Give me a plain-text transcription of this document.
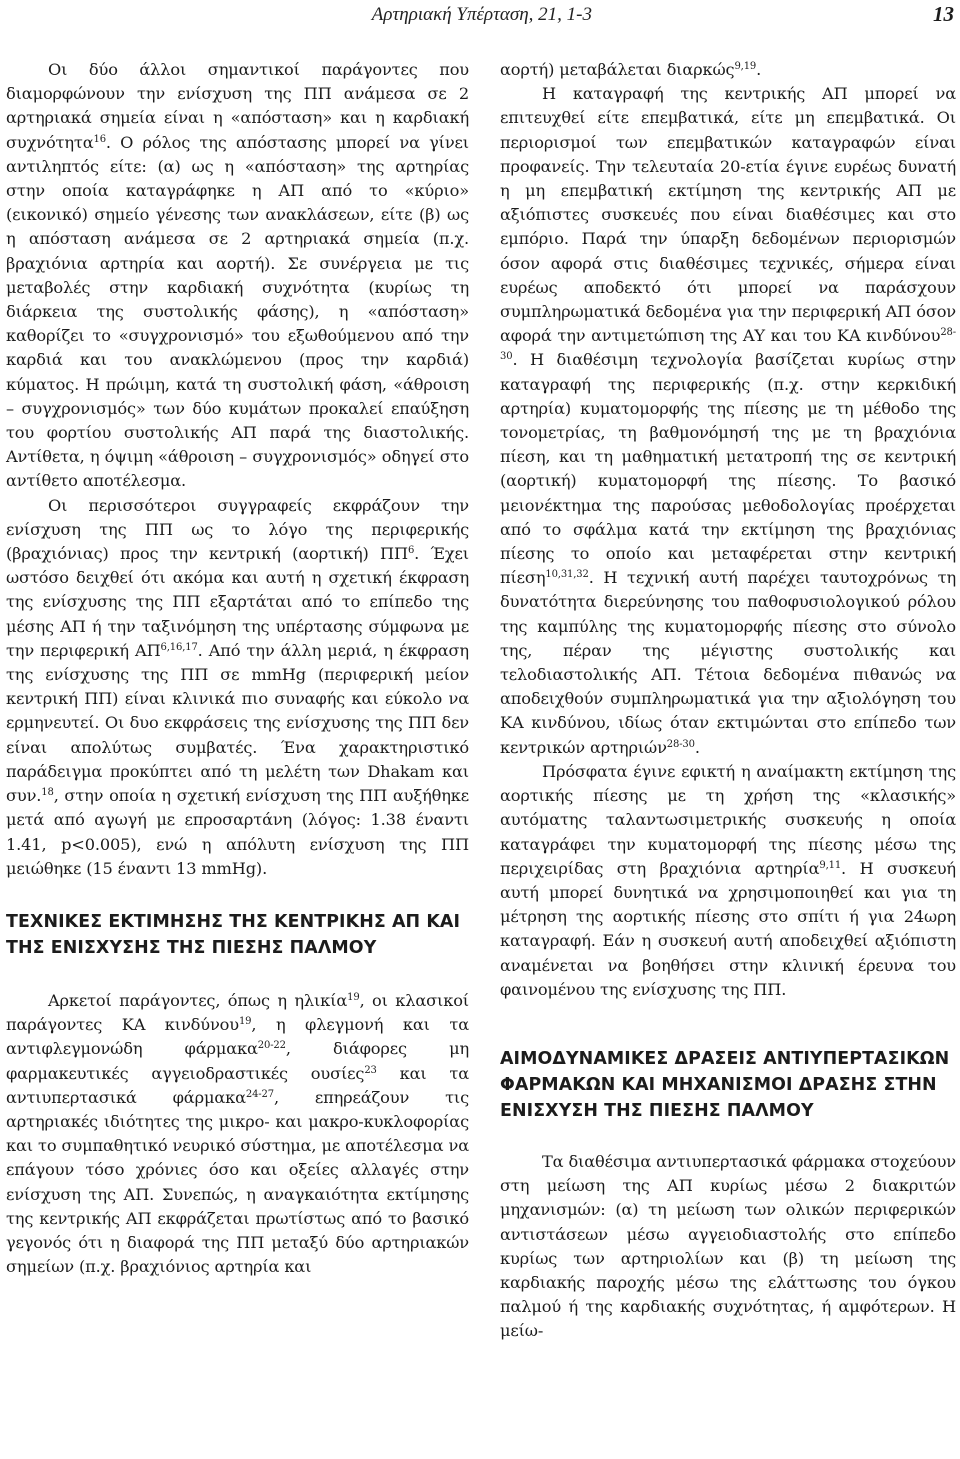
Αρτηριακή Υπέρταση, 21, 1-3	13

Οι δύο άλλοι σημαντικοί παράγοντες που διαμορφώνουν την ενίσχυση της ΠΠ ανάμεσα σε 2 αρτηριακά σημεία είναι η «απόσταση» και η καρδιακή συχνότητα$^{16}$. Ο ρόλος της απόστασης μπορεί να γίνει αντιληπτός είτε: (α) ως η «απόσταση» της αρτηρίας στην οποία καταγράφηκε η ΑΠ από το «κύριο» (εικονικό) σημείο γένεσης των ανακλάσεων, είτε (β) ως η απόσταση ανάμεσα σε 2 αρτηριακά σημεία (π.χ. βραχιόνια αρτηρία και αορτή). Σε συνέργεια με τις μεταβολές στην καρδιακή συχνότητα (κυρίως τη διάρκεια της συστολικής φάσης), η «απόσταση» καθορίζει το «συγχρονισμό» του εξωθούμενου από την καρδιά και του ανακλώμενου (προς την καρδιά) κύματος. Η πρώιμη, κατά τη συστολική φάση, «άθροιση – συγχρονισμός» των δύο κυμάτων προκαλεί επαύξηση του φορτίου συστολικής ΑΠ παρά της διαστολικής. Αντίθετα, η όψιμη «άθροιση – συγχρονισμός» οδηγεί στο αντίθετο αποτέλεσμα.

Οι περισσότεροι συγγραφείς εκφράζουν την ενίσχυση της ΠΠ ως το λόγο της περιφερικής (βραχιόνιας) προς την κεντρική (αορτική) $\Pi\Pi^6$. Έχει ωστόσο δειχθεί ότι ακόμα και αυτή η σχετική έκφραση της ενίσχυσης της ΠΠ εξαρτάται από το επίπεδο της μέσης ΑΠ ή την ταξινόμηση της υπέρτασης σύμφωνα με την περιφερική ΑΠ$^{6,16,17}$. Από την άλλη μεριά, η έκφραση της ενίσχυσης της ΠΠ σε mmHg (περιφερική μείον κεντρική ΠΠ) είναι κλινικά πιο συναφής και εύκολο να ερμηνευτεί. Οι δυο εκφράσεις της ενίσχυσης της ΠΠ δεν είναι απολύτως συμβατές. Ένα χαρακτηριστικό παράδειγμα προκύπτει από τη μελέτη των Dhakam και συν.$^{18}$, στην οποία η σχετική ενίσχυση της ΠΠ αυξήθηκε μετά από αγωγή με επροσαρτάνη (λόγος: 1.38 έναντι 1.41, p<0.005), ενώ η απόλυτη ενίσχυση της ΠΠ μειώθηκε (15 έναντι 13 mmHg).

ΤΕΧΝΙΚΕΣ ΕΚΤΙΜΗΣΗΣ ΤΗΣ ΚΕΝΤΡΙΚΗΣ ΑΠ ΚΑΙ ΤΗΣ ΕΝΙΣΧΥΣΗΣ ΤΗΣ ΠΙΕΣΗΣ ΠΑΛΜΟΥ

Αρκετοί παράγοντες, όπως η ηλικία$^{19}$, οι κλασικοί παράγοντες ΚΑ κινδύνου$^{19}$, η φλεγμονή και τα αντιφλεγμονώδη φάρμακα$^{20-22}$, διάφορες μη φαρμακευτικές αγγειοδραστικές ουσίες$^{23}$ και τα αντιυπερτασικά φάρμακα$^{24-27}$, επηρεάζουν τις αρτηριακές ιδιότητες της μικρο- και μακρο-κυκλοφορίας και το συμπαθητικό νευρικό σύστημα, με αποτέλεσμα να επάγουν τόσο χρόνιες όσο και οξείες αλλαγές στην ενίσχυση της ΑΠ. Συνεπώς, η αναγκαιότητα εκτίμησης της κεντρικής ΑΠ εκφράζεται πρωτίστως από το βασικό γεγονός ότι η διαφορά της ΠΠ μεταξύ δύο αρτηριακών σημείων (π.χ. βραχιόνιος αρτηρία και

αορτή) μεταβάλεται διαρκώς$^{9,19}$.

Η καταγραφή της κεντρικής ΑΠ μπορεί να επιτευχθεί είτε επεμβατικά, είτε μη επεμβατικά. Οι περιορισμοί των επεμβατικών καταγραφών είναι προφανείς. Την τελευταία 20-ετία έγινε ευρέως δυνατή η μη επεμβατική εκτίμηση της κεντρικής ΑΠ με αξιόπιστες συσκευές που είναι διαθέσιμες και στο εμπόριο. Παρά την ύπαρξη δεδομένων περιορισμών όσον αφορά στις διαθέσιμες τεχνικές, σήμερα είναι ευρέως αποδεκτό ότι μπορεί να παράσχουν συμπληρωματικά δεδομένα για την περιφερική ΑΠ όσον αφορά την αντιμετώπιση της ΑΥ και του ΚΑ κινδύνου$^{28-30}$. Η διαθέσιμη τεχνολογία βασίζεται κυρίως στην καταγραφή της περιφερικής (π.χ. στην κερκιδική αρτηρία) κυματομορφής της πίεσης με τη μέθοδο της τονομετρίας, τη βαθμονόμησή της με τη βραχιόνια πίεση, και τη μαθηματική μετατροπή της σε κεντρική (αορτική) κυματομορφή της πίεσης. Το βασικό μειονέκτημα της παρούσας μεθοδολογίας προέρχεται από το σφάλμα κατά την εκτίμηση της βραχιόνιας πίεσης το οποίο και μεταφέρεται στην κεντρική πίεση$^{10,31,32}$. Η τεχνική αυτή παρέχει ταυτοχρόνως τη δυνατότητα διερεύνησης του παθοφυσιολογικού ρόλου της καμπύλης της κυματομορφής πίεσης στο σύνολο της, πέραν της μέγιστης συστολικής και τελοδιαστολικής ΑΠ. Τέτοια δεδομένα πιθανώς να αποδειχθούν συμπληρωματικά για την αξιολόγηση του ΚΑ κινδύνου, ιδίως όταν εκτιμώνται στο επίπεδο των κεντρικών αρτηριών$^{28-30}$.

Πρόσφατα έγινε εφικτή η αναίμακτη εκτίμηση της αορτικής πίεσης με τη χρήση της «κλασικής» αυτόματης ταλαντωσιμετρικής συσκευής η οποία καταγράφει την κυματομορφή της πίεσης μέσω της περιχειρίδας στη βραχιόνια αρτηρία$^{9,11}$. Η συσκευή αυτή μπορεί δυνητικά να χρησιμοποιηθεί και για τη μέτρηση της αορτικής πίεσης στο σπίτι ή για 24ωρη καταγραφή. Εάν η συσκευή αυτή αποδειχθεί αξιόπιστη αναμένεται να βοηθήσει στην κλινική έρευνα του φαινομένου της ενίσχυσης της ΠΠ.

ΑΙΜΟΔΥΝΑΜΙΚΕΣ ΔΡΑΣΕΙΣ ΑΝΤΙΥΠΕΡΤΑΣΙΚΩΝ ΦΑΡΜΑΚΩΝ ΚΑΙ ΜΗΧΑΝΙΣΜΟΙ ΔΡΑΣΗΣ ΣΤΗΝ ΕΝΙΣΧΥΣΗ ΤΗΣ ΠΙΕΣΗΣ ΠΑΛΜΟΥ

Τα διαθέσιμα αντιυπερτασικά φάρμακα στοχεύουν στη μείωση της ΑΠ κυρίως μέσω 2 διακριτών μηχανισμών: (α) τη μείωση των ολικών περιφερικών αντιστάσεων μέσω αγγειοδιαστολής στο επίπεδο κυρίως των αρτηριολίων και (β) τη μείωση της καρδιακής παροχής μέσω της ελάττωσης του όγκου παλμού ή της καρδιακής συχνότητας, ή αμφότερων. Η μείω-
